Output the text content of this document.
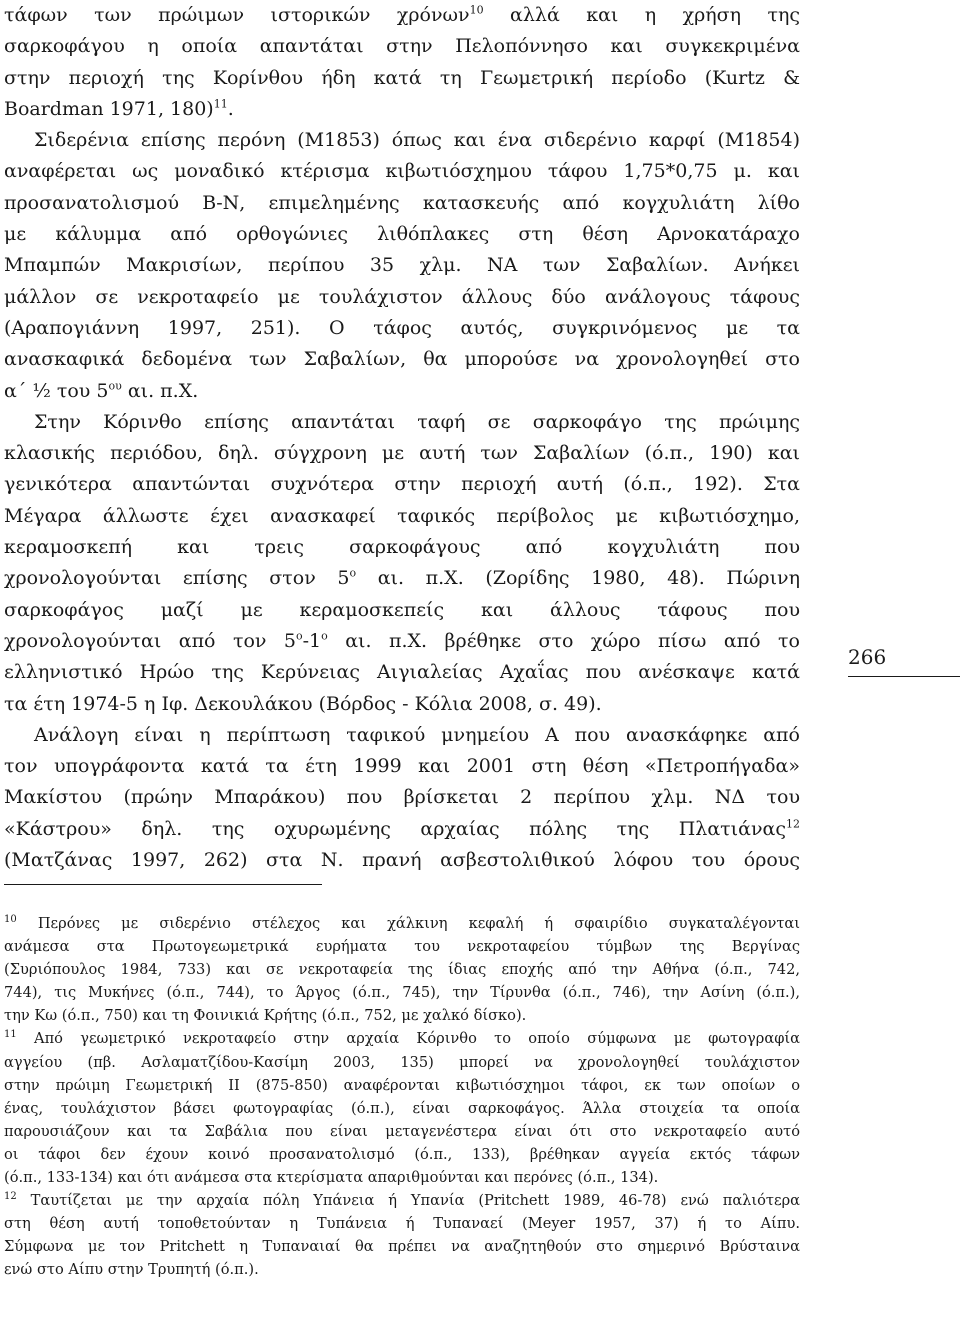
τάφων των πρώιμων ιστορικών χρόνων$^{10}$ αλλά και η χρήση της
σαρκοφάγου η οποία απαντάται στην Πελοπόννησο και συγκεκριμένα
στην περιοχή της Κορίνθου ήδη κατά τη Γεωμετρική περίοδο (Kurtz &
Boardman 1971, 180)$^{11}$.
Σιδερένια επίσης περόνη (Μ1853) όπως και ένα σιδερένιο καρφί (Μ1854)
αναφέρεται ως μοναδικό κτέρισμα κιβωτιόσχημου τάφου 1,75*0,75 μ. και
προσανατολισμού Β-Ν, επιμελημένης κατασκευής από κογχυλιάτη λίθο
με κάλυμμα από ορθογώνιες λιθόπλακες στη θέση Αρνοκατάραχο
Μπαμπών Μακρισίων, περίπου 35 χλμ. ΝΑ των Σαβαλίων. Ανήκει
μάλλον σε νεκροταφείο με τουλάχιστον άλλους δύο ανάλογους τάφους
(Αραπογιάννη 1997, 251). Ο τάφος αυτός, συγκρινόμενος με τα
ανασκαφικά δεδομένα των Σαβαλίων, θα μπορούσε να χρονολογηθεί στο
α΄ ½ του $5^{o\upsilon}$ αι. π.Χ.
Στην Κόρινθο επίσης απαντάται ταφή σε σαρκοφάγο της πρώιμης
κλασικής περιόδου, δηλ. σύγχρονη με αυτή των Σαβαλίων (ό.π., 190) και
γενικότερα απαντώνται συχνότερα στην περιοχή αυτή (ό.π., 192). Στα
Μέγαρα άλλωστε έχει ανασκαφεί ταφικός περίβολος με κιβωτιόσχημο,
κεραμοσκεπή και τρεις σαρκοφάγους από κογχυλιάτη που
χρονολογούνται επίσης στον $5^o$ αι. π.Χ. (Ζορίδης 1980, 48). Πώρινη
σαρκοφάγος μαζί με κεραμοσκεπείς και άλλους τάφους που
χρονολογούνται από τον $5^o-1^o$ αι. π.Χ. βρέθηκε στο χώρο πίσω από το
ελληνιστικό Ηρώο της Κερύνειας Αιγιαλείας Αχαΐας που ανέσκαψε κατά
τα έτη 1974-5 η Ιφ. Δεκουλάκου (Βόρδος - Κόλια 2008, σ. 49).
Ανάλογη είναι η περίπτωση ταφικού μνημείου Α που ανασκάφηκε από
τον υπογράφοντα κατά τα έτη 1999 και 2001 στη θέση «Πετροπήγαδα»
Μακίστου (πρώην Μπαράκου) που βρίσκεται 2 περίπου χλμ. ΝΔ του
«Κάστρου» δηλ. της οχυρωμένης αρχαίας πόλης της Πλατιάνας$^{12}$
(Ματζάνας 1997, 262) στα Ν. πρανή ασβεστολιθικού λόφου του όρους
266
$^{10}$ Περόνες με σιδερένιο στέλεχος και χάλκινη κεφαλή ή σφαιρίδιο συγκαταλέγονται
ανάμεσα στα Πρωτογεωμετρικά ευρήματα του νεκροταφείου τύμβων της Βεργίνας
(Συριόπουλος 1984, 733) και σε νεκροταφεία της ίδιας εποχής από την Αθήνα (ό.π., 742,
744), τις Μυκήνες (ό.π., 744), το Άργος (ό.π., 745), την Τίρυνθα (ό.π., 746), την Ασίνη (ό.π.),
την Κω (ό.π., 750) και τη Φοινικιά Κρήτης (ό.π., 752, με χαλκό δίσκο).
$^{11}$ Από γεωμετρικό νεκροταφείο στην αρχαία Κόρινθο το οποίο σύμφωνα με φωτογραφία
αγγείου (πβ. Ασλαματζίδου-Κασίμη 2003, 135) μπορεί να χρονολογηθεί τουλάχιστον
στην πρώιμη Γεωμετρική ΙΙ (875-850) αναφέρονται κιβωτιόσχημοι τάφοι, εκ των οποίων ο
ένας, τουλάχιστον βάσει φωτογραφίας (ό.π.), είναι σαρκοφάγος. Άλλα στοιχεία τα οποία
παρουσιάζουν και τα Σαβάλια που είναι μεταγενέστερα είναι ότι στο νεκροταφείο αυτό
οι τάφοι δεν έχουν κοινό προσανατολισμό (ό.π., 133), βρέθηκαν αγγεία εκτός τάφων
(ό.π., 133-134) και ότι ανάμεσα στα κτερίσματα απαριθμούνται και περόνες (ό.π., 134).
$^{12}$ Ταυτίζεται με την αρχαία πόλη Υπάνεια ή Υπανία (Pritchett 1989, 46-78) ενώ παλιότερα
στη θέση αυτή τοποθετούνταν η Τυπάνεια ή Τυπαναεί (Meyer 1957, 37) ή το Αίπυ.
Σύμφωνα με τον Pritchett η Τυπαναιαί θα πρέπει να αναζητηθούν στο σημερινό Βρύσταινα
ενώ στο Αίπυ στην Τρυπητή (ό.π.).
